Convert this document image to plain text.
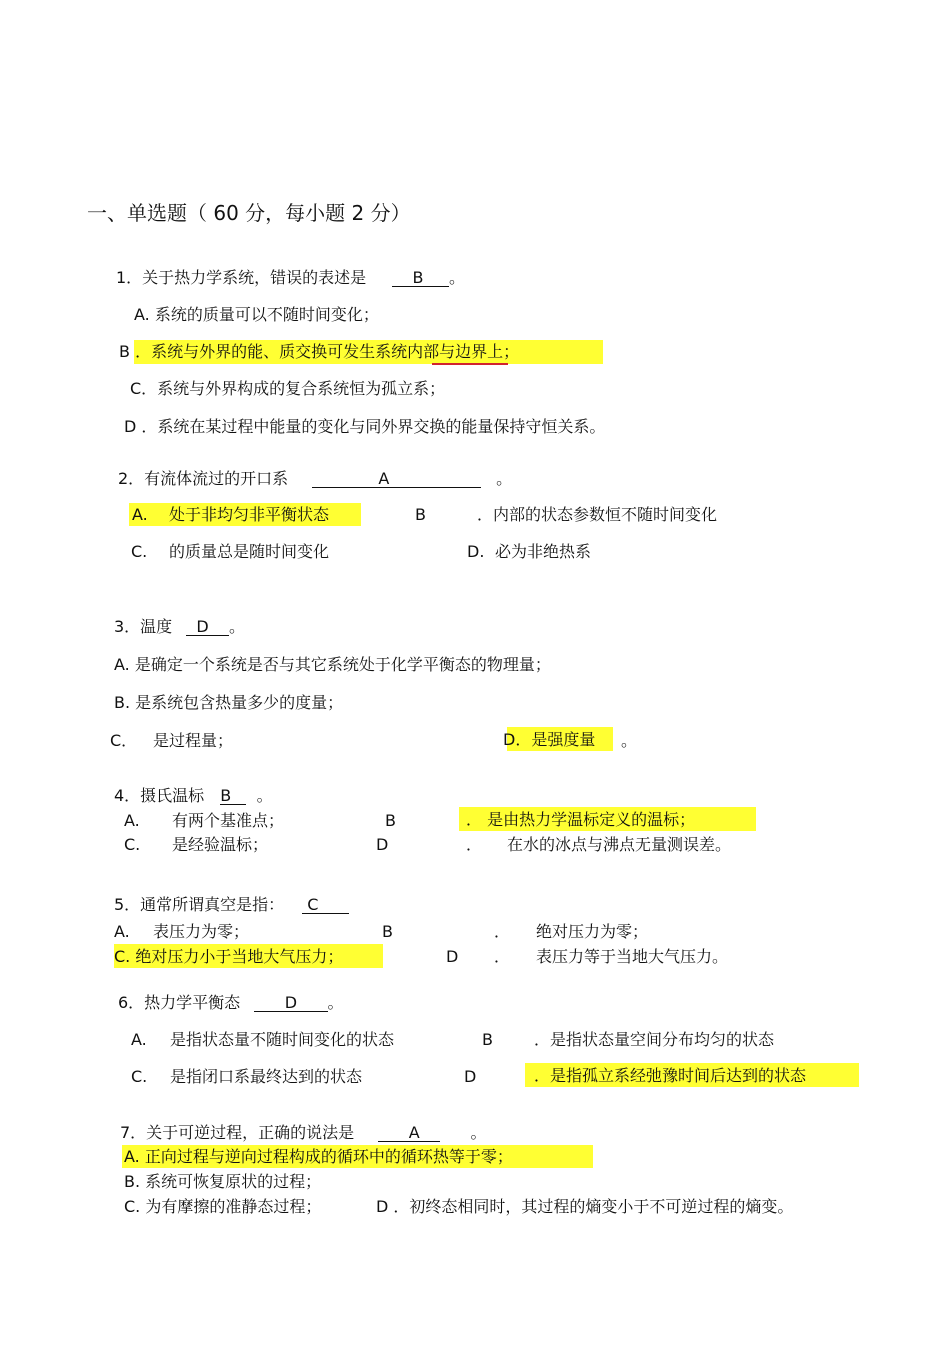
一、单选题（ 60 分，每小题 2 分）
1．关于热力学系统，错误的表述是	B 。
A. 系统的质量可以不随时间变化；
B ．系统与外界的能、质交换可发生系统内部与边界上；
C．系统与外界构成的复合系统恒为孤立系；
D ．系统在某过程中能量的变化与同外界交换的能量保持守恒关系。
2．有流体流过的开口系	A	。
A. 处于非均匀非平衡状态	B	．内部的状态参数恒不随时间变化
C. 的质量总是随时间变化	D. 必为非绝热系
3．温度 D 。
A. 是确定一个系统是否与其它系统处于化学平衡态的物理量；
B. 是系统包含热量多少的度量；
C． 是过程量；	D．是强度量 。
4．摄氏温标 B 。
A. 有两个基准点；	B	． 是由热力学温标定义的温标；
C. 是经验温标；	D	． 在水的冰点与沸点无量测误差。
5．通常所谓真空是指： C
A. 表压力为零；	B	． 绝对压力为零；
C. 绝对压力小于当地大气压力；	D ． 表压力等于当地大气压力。
6．热力学平衡态	D 。
A. 是指状态量不随时间变化的状态	B	．是指状态量空间分布均匀的状态
C. 是指闭口系最终达到的状态	D	．是指孤立系经弛豫时间后达到的状态
7．关于可逆过程，正确的说法是	A	。
A. 正向过程与逆向过程构成的循环中的循环热等于零；
B. 系统可恢复原状的过程；
C. 为有摩擦的准静态过程；	D ．初终态相同时，其过程的熵变小于不可逆过程的熵变。
